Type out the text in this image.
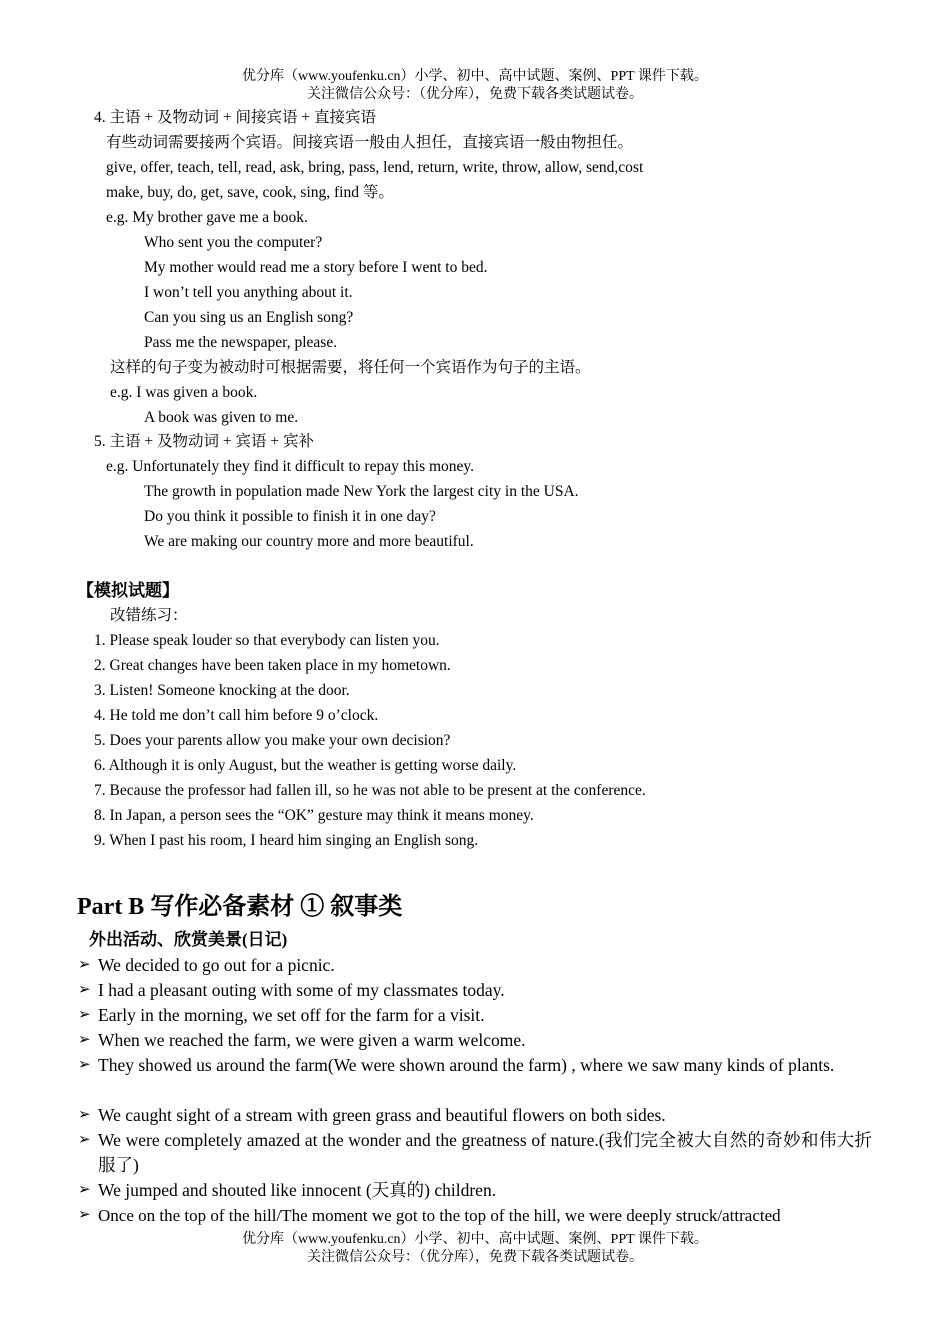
优分库（www.youfenku.cn）小学、初中、高中试题、案例、PPT 课件下载。
关注微信公众号：（优分库），免费下载各类试题试卷。
4. 主语 + 及物动词 + 间接宾语 + 直接宾语
有些动词需要接两个宾语。间接宾语一般由人担任，直接宾语一般由物担任。
give, offer, teach, tell, read, ask, bring, pass, lend, return, write, throw, allow, send,cost
make, buy, do, get, save, cook, sing, find 等。
e.g. My brother gave me a book.
Who sent you the computer?
My mother would read me a story before I went to bed.
I won’t tell you anything about it.
Can you sing us an English song?
Pass me the newspaper, please.
这样的句子变为被动时可根据需要，将任何一个宾语作为句子的主语。
e.g. I was given a book.
A book was given to me.
5. 主语 + 及物动词 + 宾语 + 宾补
e.g. Unfortunately they find it difficult to repay this money.
The growth in population made New York the largest city in the USA.
Do you think it possible to finish it in one day?
We are making our country more and more beautiful.
【模拟试题】
改错练习：
1. Please speak louder so that everybody can listen you.
2. Great changes have been taken place in my hometown.
3. Listen! Someone knocking at the door.
4. He told me don’t call him before 9 o’clock.
5. Does your parents allow you make your own decision?
6. Although it is only August, but the weather is getting worse daily.
7. Because the professor had fallen ill, so he was not able to be present at the conference.
8. In Japan, a person sees the “OK” gesture may think it means money.
9. When I past his room, I heard him singing an English song.
Part B 写作必备素材 ① 叙事类
外出活动、欣赏美景(日记)
➢ We decided to go out for a picnic.
➢ I had a pleasant outing with some of my classmates today.
➢ Early in the morning, we set off for the farm for a visit.
➢ When we reached the farm, we were given a warm welcome.
➢ They showed us around the farm(We were shown around the farm) , where we saw many kinds of plants.
➢ We caught sight of a stream with green grass and beautiful flowers on both sides.
➢ We were completely amazed at the wonder and the greatness of nature.(我们完全被大自然的奇妙和伟大折服了)
➢ We jumped and shouted like innocent (天真的) children.
➢ Once on the top of the hill/The moment we got to the top of the hill, we were deeply struck/attracted
优分库（www.youfenku.cn）小学、初中、高中试题、案例、PPT 课件下载。
关注微信公众号：（优分库），免费下载各类试题试卷。
